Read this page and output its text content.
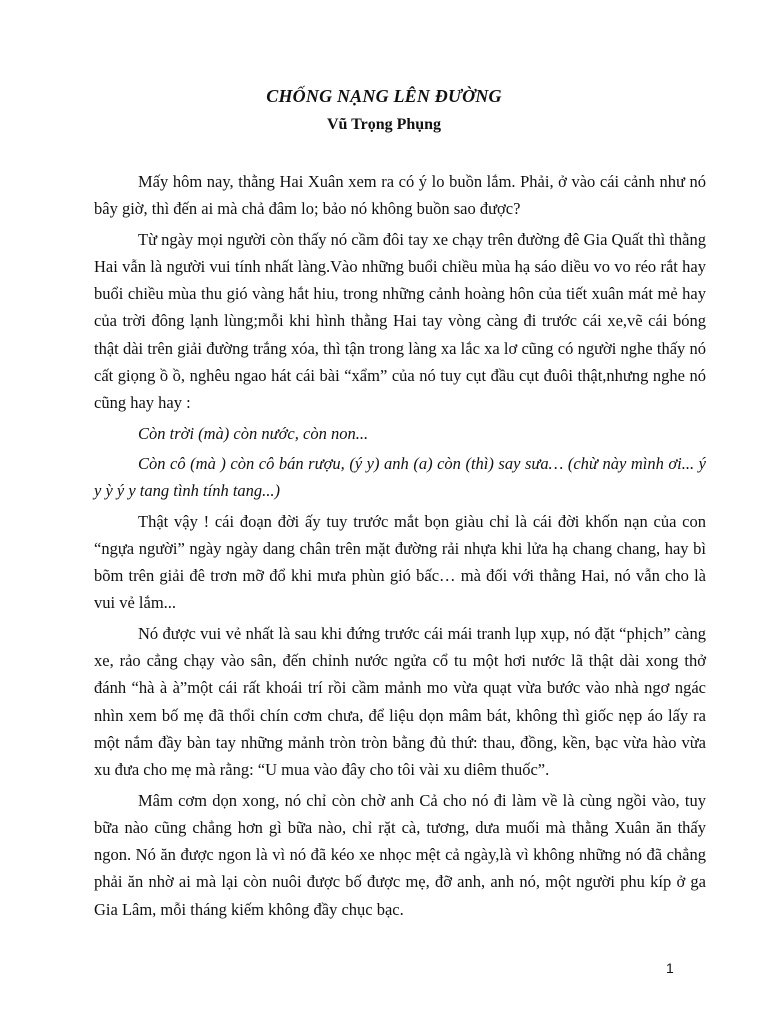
CHỐNG NẠNG LÊN ĐƯỜNG
Vũ Trọng Phụng

Mấy hôm nay, thằng Hai Xuân xem ra có ý lo buồn lắm. Phải, ở vào cái cảnh như nó bây giờ, thì đến ai mà chả đâm lo; bảo nó không buồn sao được?

Từ ngày mọi người còn thấy nó cầm đôi tay xe chạy trên đường đê Gia Quất thì thằng Hai vẫn là người vui tính nhất làng.Vào những buổi chiều mùa hạ sáo diều vo vo réo rắt hay buổi chiều mùa thu gió vàng hắt hiu, trong những cảnh hoàng hôn của tiết xuân mát mẻ hay của trời đông lạnh lùng;mỗi khi hình thằng Hai tay vòng càng đi trước cái xe,vẽ cái bóng thật dài trên giải đường trắng xóa, thì tận trong làng xa lắc xa lơ cũng có người nghe thấy nó cất giọng ồ ồ, nghêu ngao hát cái bài “xẩm” của nó tuy cụt đầu cụt đuôi thật,nhưng nghe nó cũng hay hay :

Còn trời (mà) còn nước, còn non...

Còn cô (mà ) còn cô bán rượu, (ý y) anh (a) còn (thì) say sưa… (chừ này mình ơi... ý y ỳ ý y tang tình tính tang...)

Thật vậy ! cái đoạn đời ấy tuy trước mắt bọn giàu chỉ là cái đời khốn nạn của con “ngựa người” ngày ngày dang chân trên mặt đường rải nhựa khi lửa hạ chang chang, hay bì bõm trên giải đê trơn mỡ đổ khi mưa phùn gió bấc… mà đối với thằng Hai, nó vẫn cho là vui vẻ lắm...

Nó được vui vẻ nhất là sau khi đứng trước cái mái tranh lụp xụp, nó đặt “phịch” càng xe, rảo cẳng chạy vào sân, đến chỉnh nước ngửa cổ tu một hơi nước lã thật dài xong thở đánh “hà à à”một cái rất khoái trí rồi cầm mảnh mo vừa quạt vừa bước vào nhà ngơ ngác nhìn xem bố mẹ đã thổi chín cơm chưa, để liệu dọn mâm bát, không thì giốc nẹp áo lấy ra một nắm đầy bàn tay những mảnh tròn tròn bằng đủ thứ: thau, đồng, kền, bạc vừa hào vừa xu đưa cho mẹ mà rằng: “U mua vào đây cho tôi vài xu diêm thuốc”.

Mâm cơm dọn xong, nó chỉ còn chờ anh Cả cho nó đi làm về là cùng ngồi vào, tuy bữa nào cũng chẳng hơn gì bữa nào, chỉ rặt cà, tương, dưa muối mà thằng Xuân ăn thấy ngon. Nó ăn được ngon là vì nó đã kéo xe nhọc mệt cả ngày,là vì không những nó đã chẳng phải ăn nhờ ai mà lại còn nuôi được bố được mẹ, đỡ anh, anh nó, một người phu kíp ở ga Gia Lâm, mỗi tháng kiếm không đầy chục bạc.

1
